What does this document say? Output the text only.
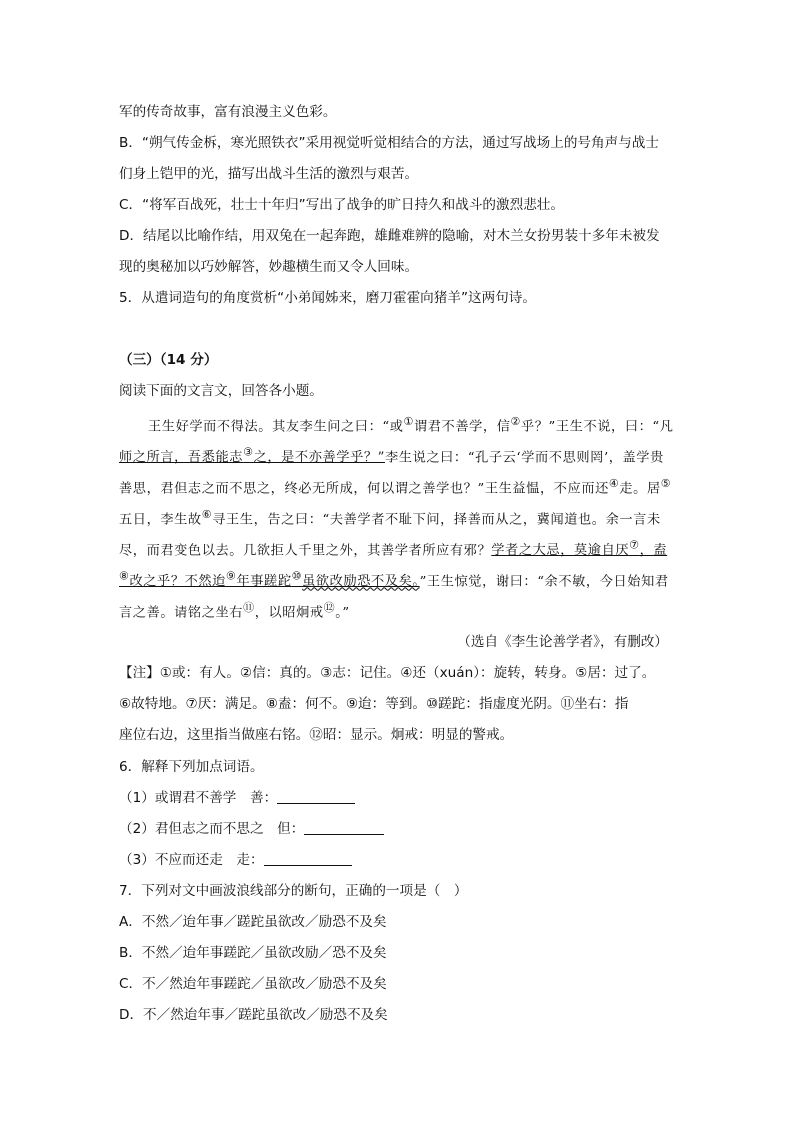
军的传奇故事，富有浪漫主义色彩。
B．“朔气传金柝，寒光照铁衣”采用视觉听觉相结合的方法，通过写战场上的号角声与战士
们身上铠甲的光，描写出战斗生活的激烈与艰苦。
C．“将军百战死，壮士十年归”写出了战争的旷日持久和战斗的激烈悲壮。
D．结尾以比喻作结，用双兔在一起奔跑，雄雌难辨的隐喻，对木兰女扮男装十多年未被发
现的奥秘加以巧妙解答，妙趣横生而又令人回味。
5．从遣词造句的角度赏析“小弟闻姊来，磨刀霍霍向猪羊”这两句诗。
（三）（14 分）
阅读下面的文言文，回答各小题。
王生好学而不得法。其友李生问之曰：“或①谓君不善学，信②乎？”王生不说，曰：“凡
师之所言，吾悉能志③之，是不亦善学乎？”李生说之曰：“孔子云‘学而不思则罔’，盖学贵
善思，君但志之而不思之，终必无所成，何以谓之善学也？”王生益愠，不应而还④走。居⑤
五日，李生故⑥寻王生，告之曰：“夫善学者不耻下问，择善而从之，冀闻道也。余一言未
尽，而君变色以去。几欲拒人千里之外，其善学者所应有邪？学者之大忌，莫逾自厌⑦，盍
⑧改之乎？不然迨⑨年事蹉跎⑩虽欲改励恐不及矣。”王生惊觉，谢曰：“余不敏，今日始知君
言之善。请铭之坐右⑪，以昭炯戒⑫。”
（选自《李生论善学者》，有删改）
【注】①或：有人。②信：真的。③志：记住。④还（xuán）：旋转，转身。⑤居：过了。
⑥故特地。⑦厌：满足。⑧盍：何不。⑨迨：等到。⑩蹉跎：指虚度光阴。⑪坐右：指
座位右边，这里指当做座右铭。⑫昭：显示。炯戒：明显的警戒。
6．解释下列加点词语。
（1）或谓君不善学　善：
（2）君但志之而不思之　但：
（3）不应而还走　走：
7．下列对文中画波浪线部分的断句，正确的一项是（　）
A．不然／迨年事／蹉跎虽欲改／励恐不及矣
B．不然／迨年事蹉跎／虽欲改励／恐不及矣
C．不／然迨年事蹉跎／虽欲改／励恐不及矣
D．不／然迨年事／蹉跎虽欲改／励恐不及矣
